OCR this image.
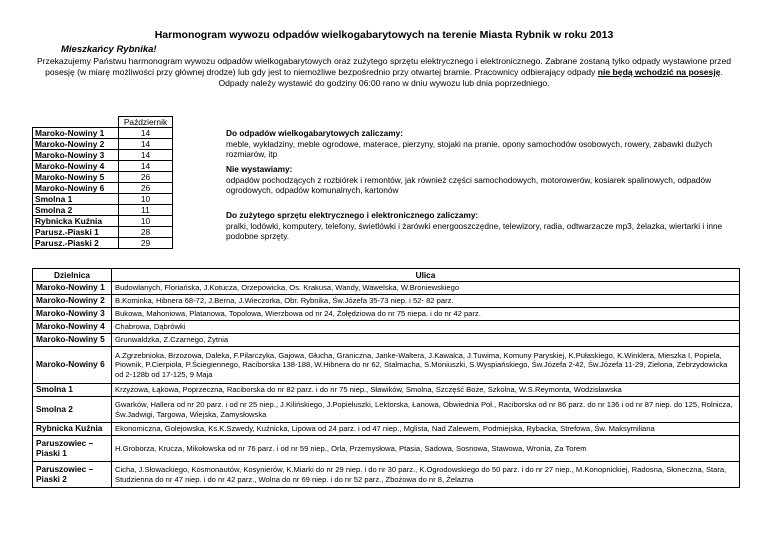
Harmonogram wywozu odpadów wielkogabarytowych na terenie Miasta Rybnik w roku 2013
Mieszkańcy Rybnika!
Przekazujemy Państwu harmonogram wywozu odpadów wielkogabarytowych oraz zużytego sprzętu elektrycznego i elektronicznego. Zabrane zostaną tylko odpady wystawione przed posesję (w miarę możliwości przy głównej drodze) lub gdy jest to niemożliwe bezpośrednio przy otwartej bramie. Pracownicy odbierający odpady nie będą wchodzić na posesję. Odpady należy wystawić do godziny 06:00 rano w dniu wywozu lub dnia poprzedniego.
	Październik
Maroko-Nowiny 1	14
Maroko-Nowiny 2	14
Maroko-Nowiny 3	14
Maroko-Nowiny 4	14
Maroko-Nowiny 5	26
Maroko-Nowiny 6	26
Smolna 1	10
Smolna 2	11
Rybnicka Kuźnia	10
Parusz.-Piaski 1	28
Parusz.-Piaski 2	29
Do odpadów wielkogabarytowych zaliczamy:
meble, wykładziny, meble ogrodowe, materace, pierzyny, stojaki na pranie, opony samochodów osobowych, rowery, zabawki dużych rozmiarów, itp
Nie wystawiamy:
odpadów pochodzących z rozbiórek i remontów, jak również części samochodowych, motorowerów, kosiarek spalinowych, odpadów ogrodowych, odpadów komunalnych, kartonów
Do zużytego sprzętu elektrycznego i elektronicznego zaliczamy:
pralki, lodówki, komputery, telefony, świetlówki i żarówki energooszczędne, telewizory, radia, odtwarzacze mp3, żelazka, wiertarki i inne podobne sprzęty.
Dzielnica	Ulica
Maroko-Nowiny 1	Budowlanych, Floriańska, J.Kotucza, Orzepowicka, Os. Krakusa, Wandy, Wawelska, W.Broniewskiego
Maroko-Nowiny 2	B.Kominka, Hibnera 68-72, J.Berna, J.Wieczorka, Obr. Rybnika, Św.Józefa 35-73 niep. i 52- 82 parz.
Maroko-Nowiny 3	Bukowa, Mahoniowa, Platanowa, Topolowa, Wierzbowa od nr 24, Żołędziowa do nr 75 niepa. i do nr 42 parz.
Maroko-Nowiny 4	Chabrowa, Dąbrówki
Maroko-Nowiny 5	Grunwaldzka, Z.Czarnego, Żytnia
Maroko-Nowiny 6	A.Zgrzebnioka, Brzozowa, Daleka, F.Pilarczyka, Gajowa, Głucha, Graniczna, Janke-Waltera, J.Kawalca, J.Tuwima, Komuny Paryskiej, K.Pułaskiego, K.Winklera, Mieszka I, Popiela, Piownik, P.Cierpioła, P.Ściegiennego, Raciborska 138-188, W.Hibnera do nr 62, Stalmacha, S.Moniuszki, S.Wyspiańskiego, Św.Józefa 2-42, Św.Józefa 11-29, Zielona, Zebrzydowicka od 2-128b od 17-125, 9 Maja
Smolna 1	Krzyżowa, Łąkowa, Poprzeczna, Raciborska do nr 82 parz. i do nr 75 niep., Sławików, Smolna, Szczęść Boże, Szkolna, W.S.Reymonta, Wodzisławska
Smolna 2	Gwarków, Hallera od nr 20 parz. i od nr 25 niep., J.Kilińskiego, J.Popiełuszki, Lektorska, Łanowa, Obwiednia Poł., Raciborska od nr 86 parz. do nr 136 i od nr 87 niep. do 125, Rolnicza, Św.Jadwigi, Targowa, Wiejska, Zamysłowska
Rybnicka Kuźnia	Ekonomiczna, Golejowska, Ks.K.Szwedy, Kuźnicka, Lipowa od 24 parz. i od 47 niep., Mglista, Nad Zalewem, Podmiejska, Rybacka, Strefowa, Św. Maksymiliana
Paruszowiec – Piaski 1	H.Groborza, Krucza, Mikołowska od nr 76 parz. i od nr 59 niep., Orla, Przemysłowa, Ptasia, Sadowa, Sosnowa, Stawowa, Wronia, Za Torem
Paruszowiec – Piaski 2	Cicha, J.Słowackiego, Kosmonautów, Kosynierów, K.Miarki do nr 29 niep. i do nr 30 parz., K.Ogrodowskiego do 50 parz. i do nr 27 niep., M.Konopnickiej, Radosna, Słoneczna, Stara, Studzienna do nr 47 niep. i do nr 42 parz., Wolna do nr 69 niep. i do nr 52 parz., Zbożowa do nr 8, Żelazna
